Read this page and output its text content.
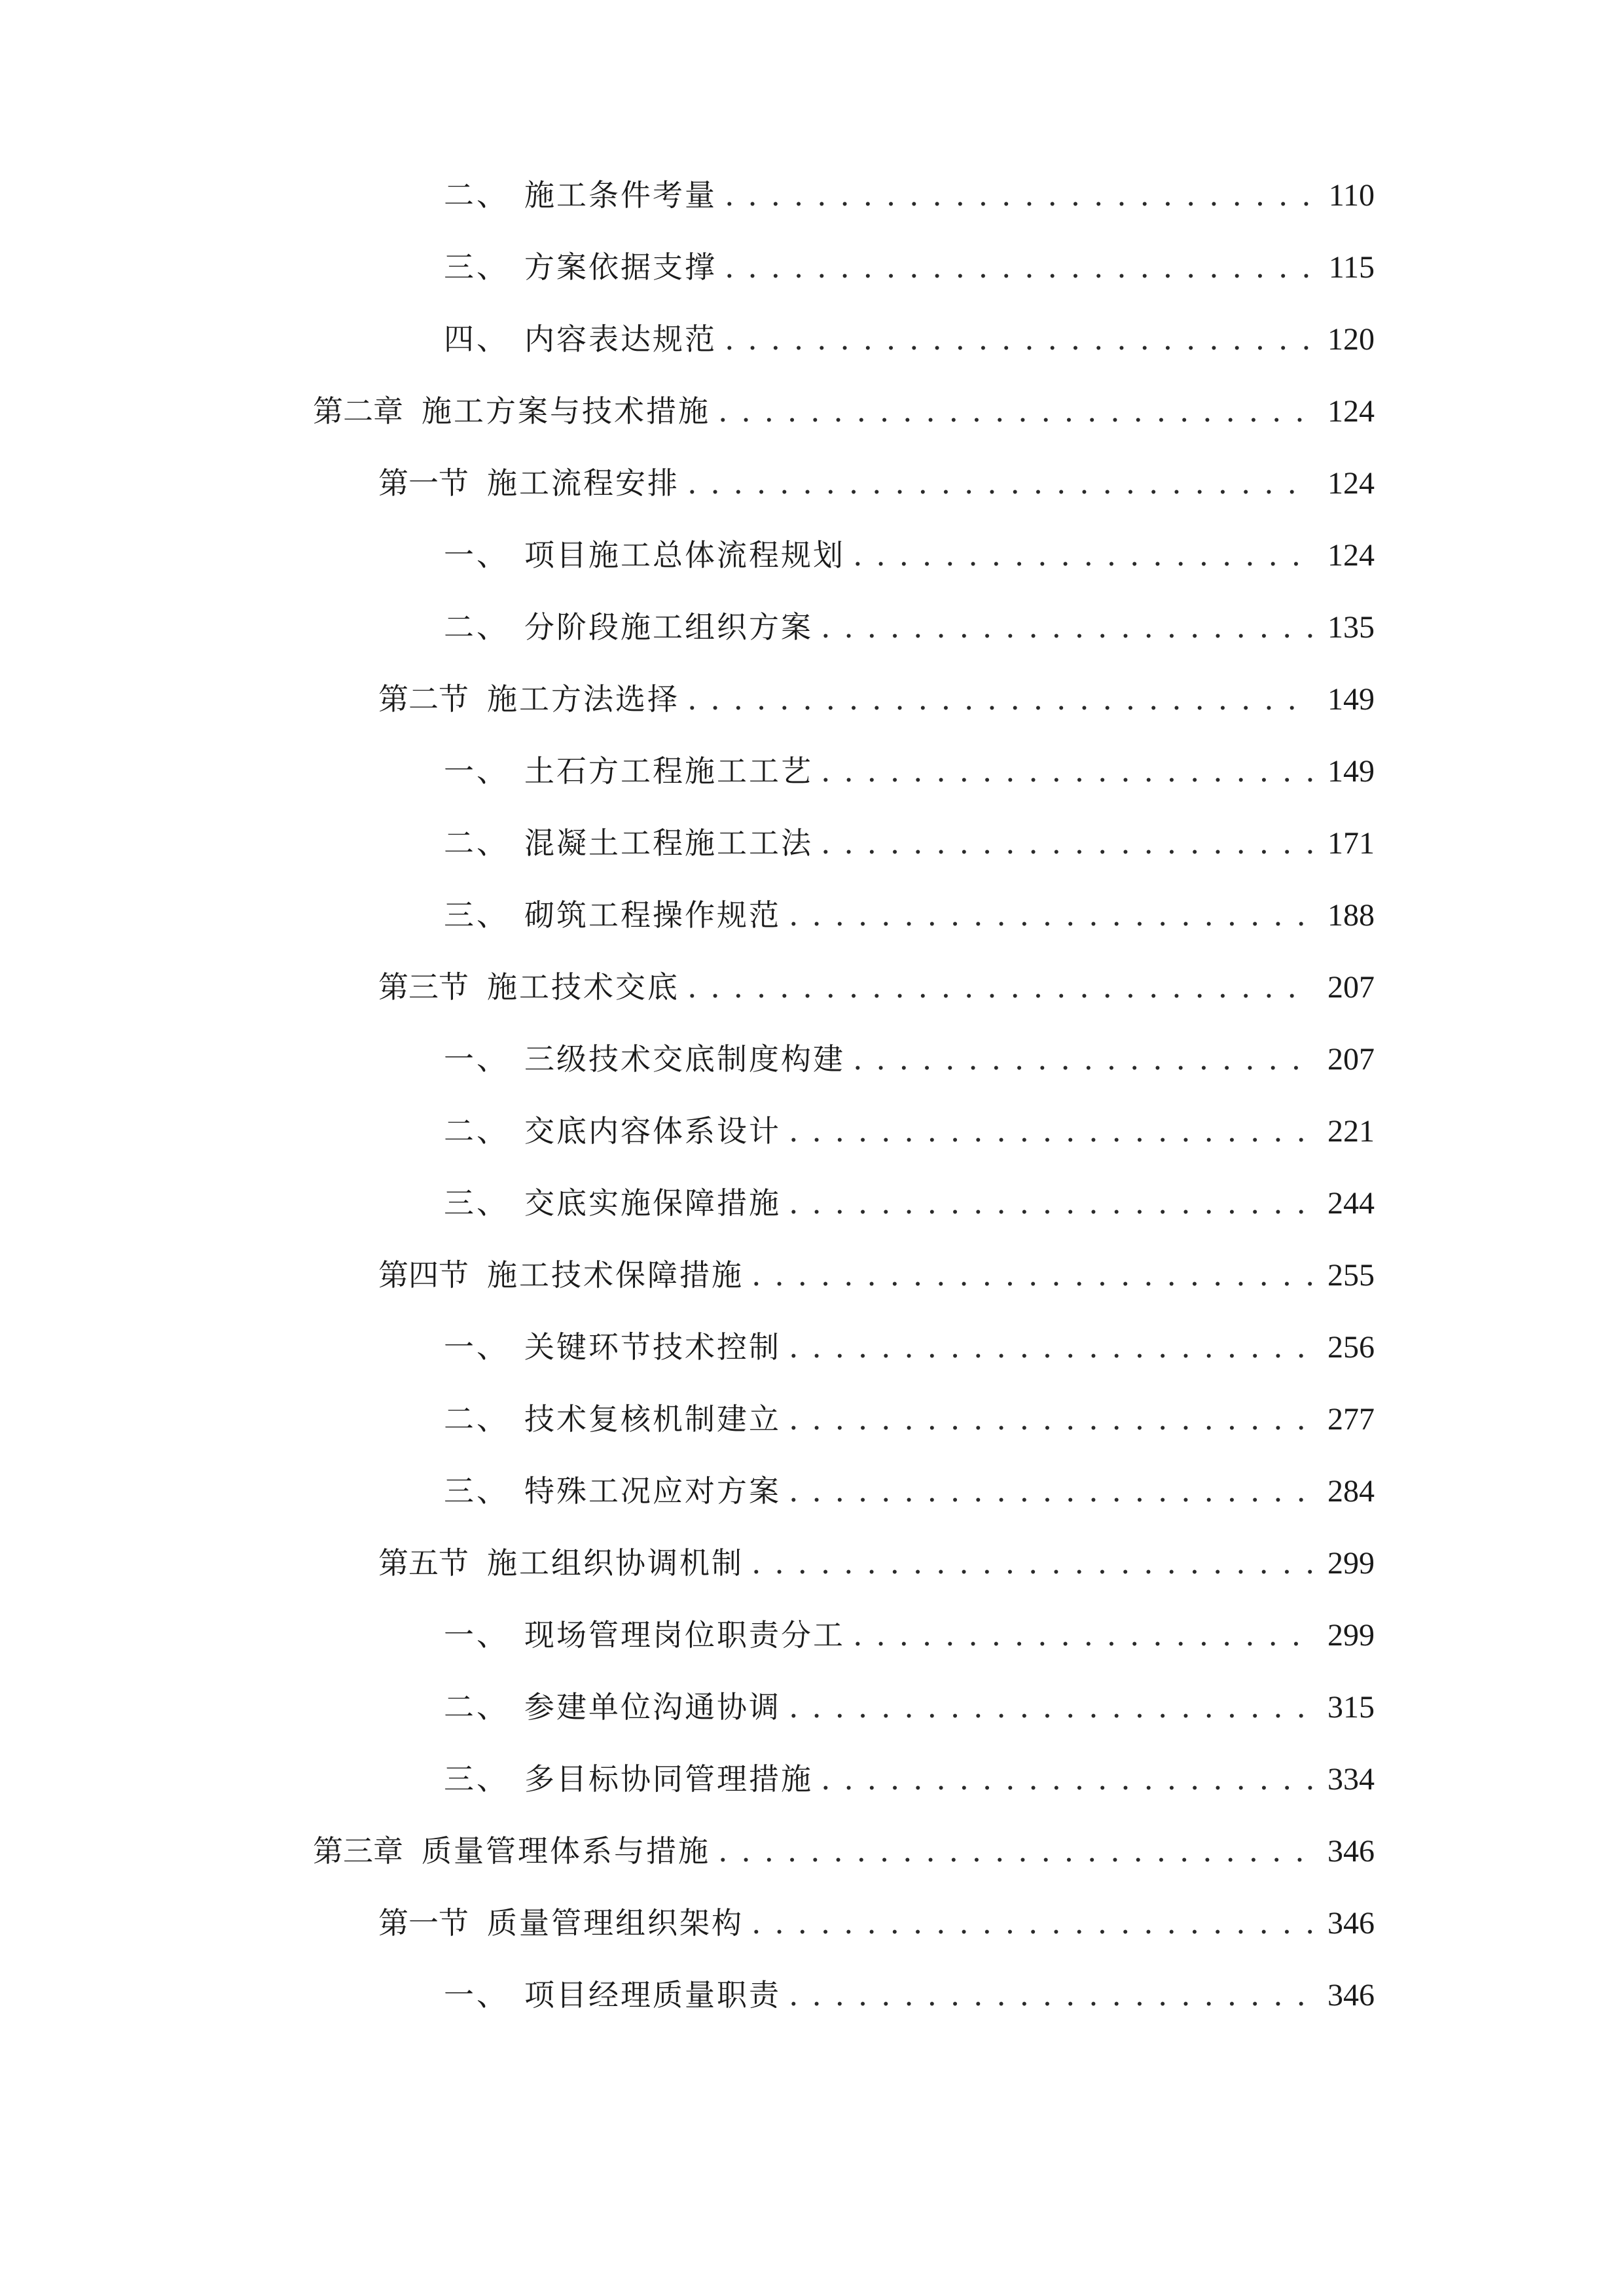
二、 施工条件考量 . . .	110
三、 方案依据支撑 . . .	115
四、 内容表达规范 . . .	120
第二章 施工方案与技术措施 . . .	124
第一节 施工流程安排 . . .	124
一、 项目施工总体流程规划 . . .	124
二、 分阶段施工组织方案 . . .	135
第二节 施工方法选择 . . .	149
一、 土石方工程施工工艺 . . .	149
二、 混凝土工程施工工法 . . .	171
三、 砌筑工程操作规范 . . .	188
第三节 施工技术交底 . . .	207
一、 三级技术交底制度构建 . . .	207
二、 交底内容体系设计 . . .	221
三、 交底实施保障措施 . . .	244
第四节 施工技术保障措施 . . .	255
一、 关键环节技术控制 . . .	256
二、 技术复核机制建立 . . .	277
三、 特殊工况应对方案 . . .	284
第五节 施工组织协调机制 . . .	299
一、 现场管理岗位职责分工 . . .	299
二、 参建单位沟通协调 . . .	315
三、 多目标协同管理措施 . . .	334
第三章 质量管理体系与措施 . . .	346
第一节 质量管理组织架构 . . .	346
一、 项目经理质量职责 . . .	346
